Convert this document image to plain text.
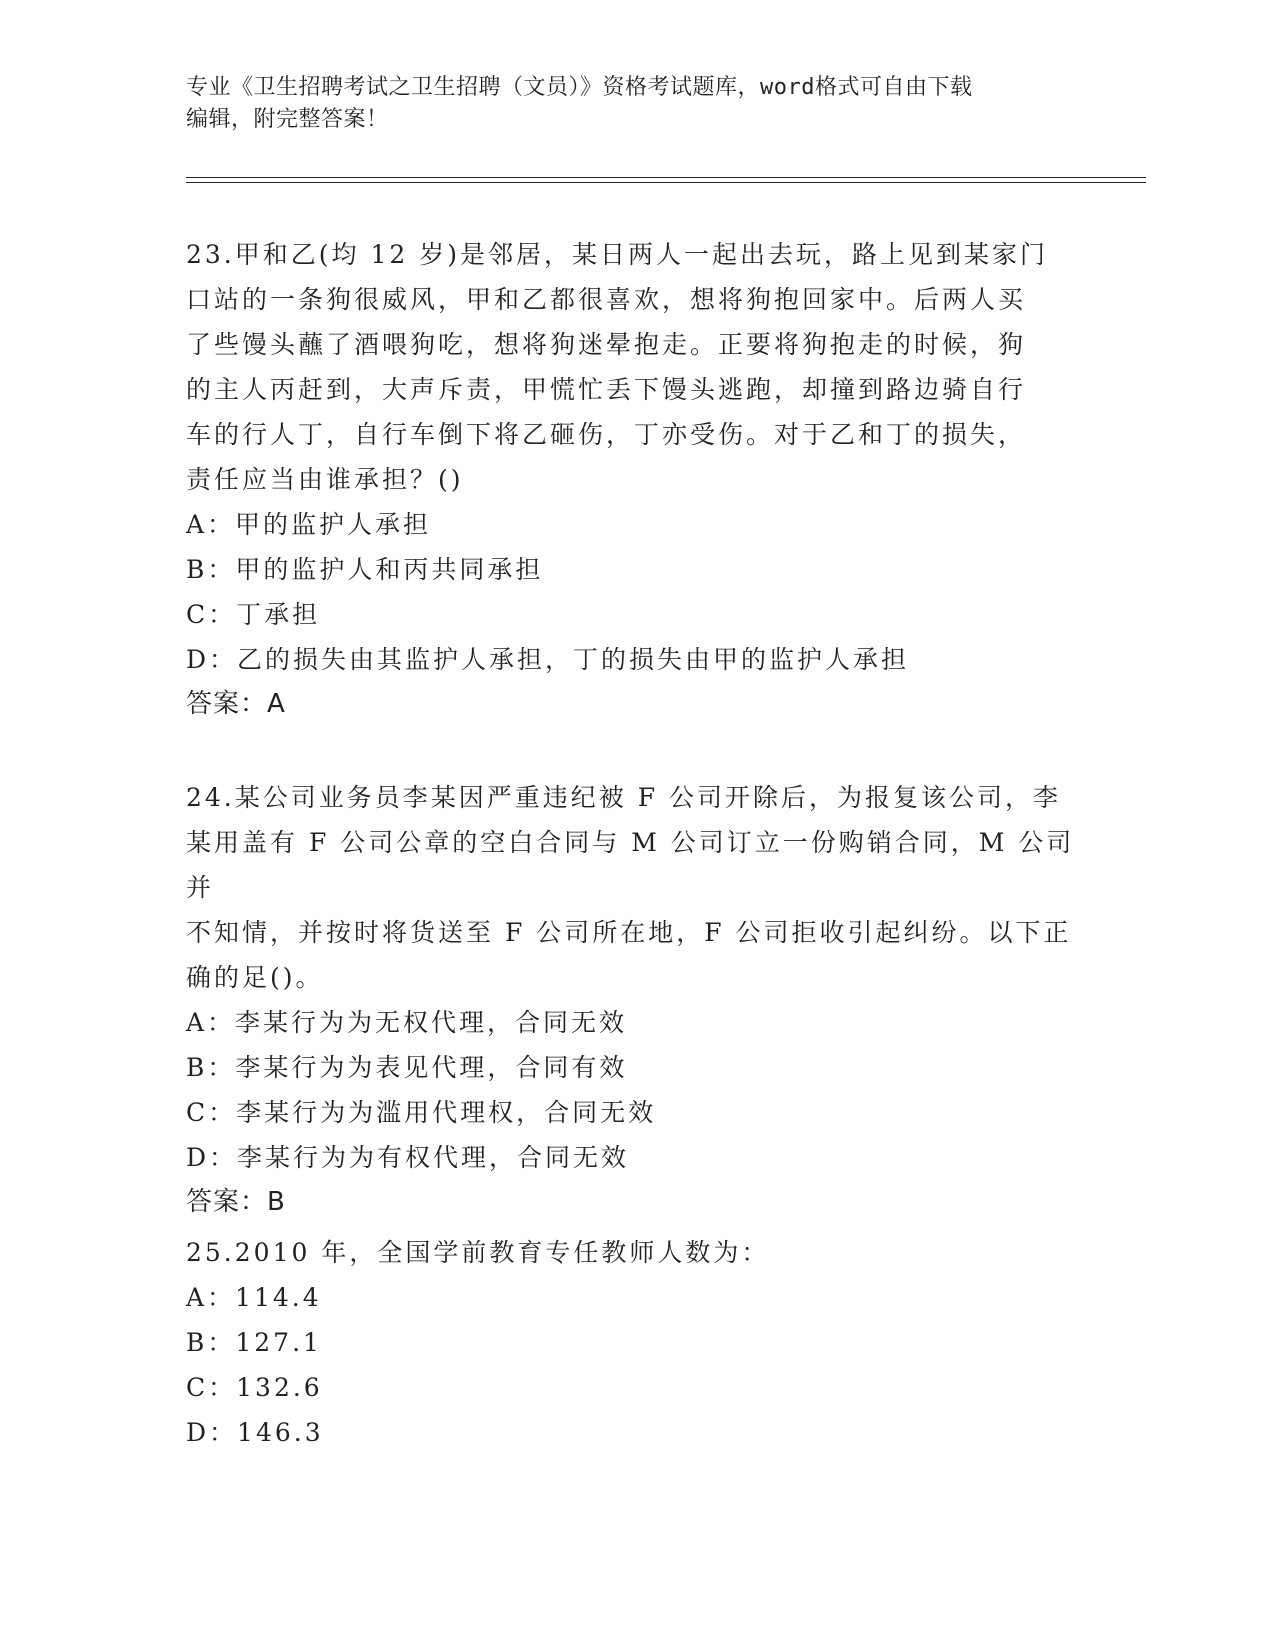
专业《卫生招聘考试之卫生招聘（文员）》资格考试题库，word格式可自由下载

编辑，附完整答案！

23.甲和乙(均 12 岁)是邻居，某日两人一起出去玩，路上见到某家门

口站的一条狗很威风，甲和乙都很喜欢，想将狗抱回家中。后两人买

了些馒头蘸了酒喂狗吃，想将狗迷晕抱走。正要将狗抱走的时候，狗

的主人丙赶到，大声斥责，甲慌忙丢下馒头逃跑，却撞到路边骑自行

车的行人丁，自行车倒下将乙砸伤，丁亦受伤。对于乙和丁的损失，

责任应当由谁承担？()

A：甲的监护人承担

B：甲的监护人和丙共同承担

C：丁承担

D：乙的损失由其监护人承担，丁的损失由甲的监护人承担

答案：A

24.某公司业务员李某因严重违纪被 F 公司开除后，为报复该公司，李

某用盖有 F 公司公章的空白合同与 M 公司订立一份购销合同，M 公司并

不知情，并按时将货送至 F 公司所在地，F 公司拒收引起纠纷。以下正

确的足()。

A：李某行为为无权代理，合同无效

B：李某行为为表见代理，合同有效

C：李某行为为滥用代理权，合同无效

D：李某行为为有权代理，合同无效

答案：B

25.2010 年，全国学前教育专任教师人数为：

A：114.4

B：127.1

C：132.6

D：146.3
